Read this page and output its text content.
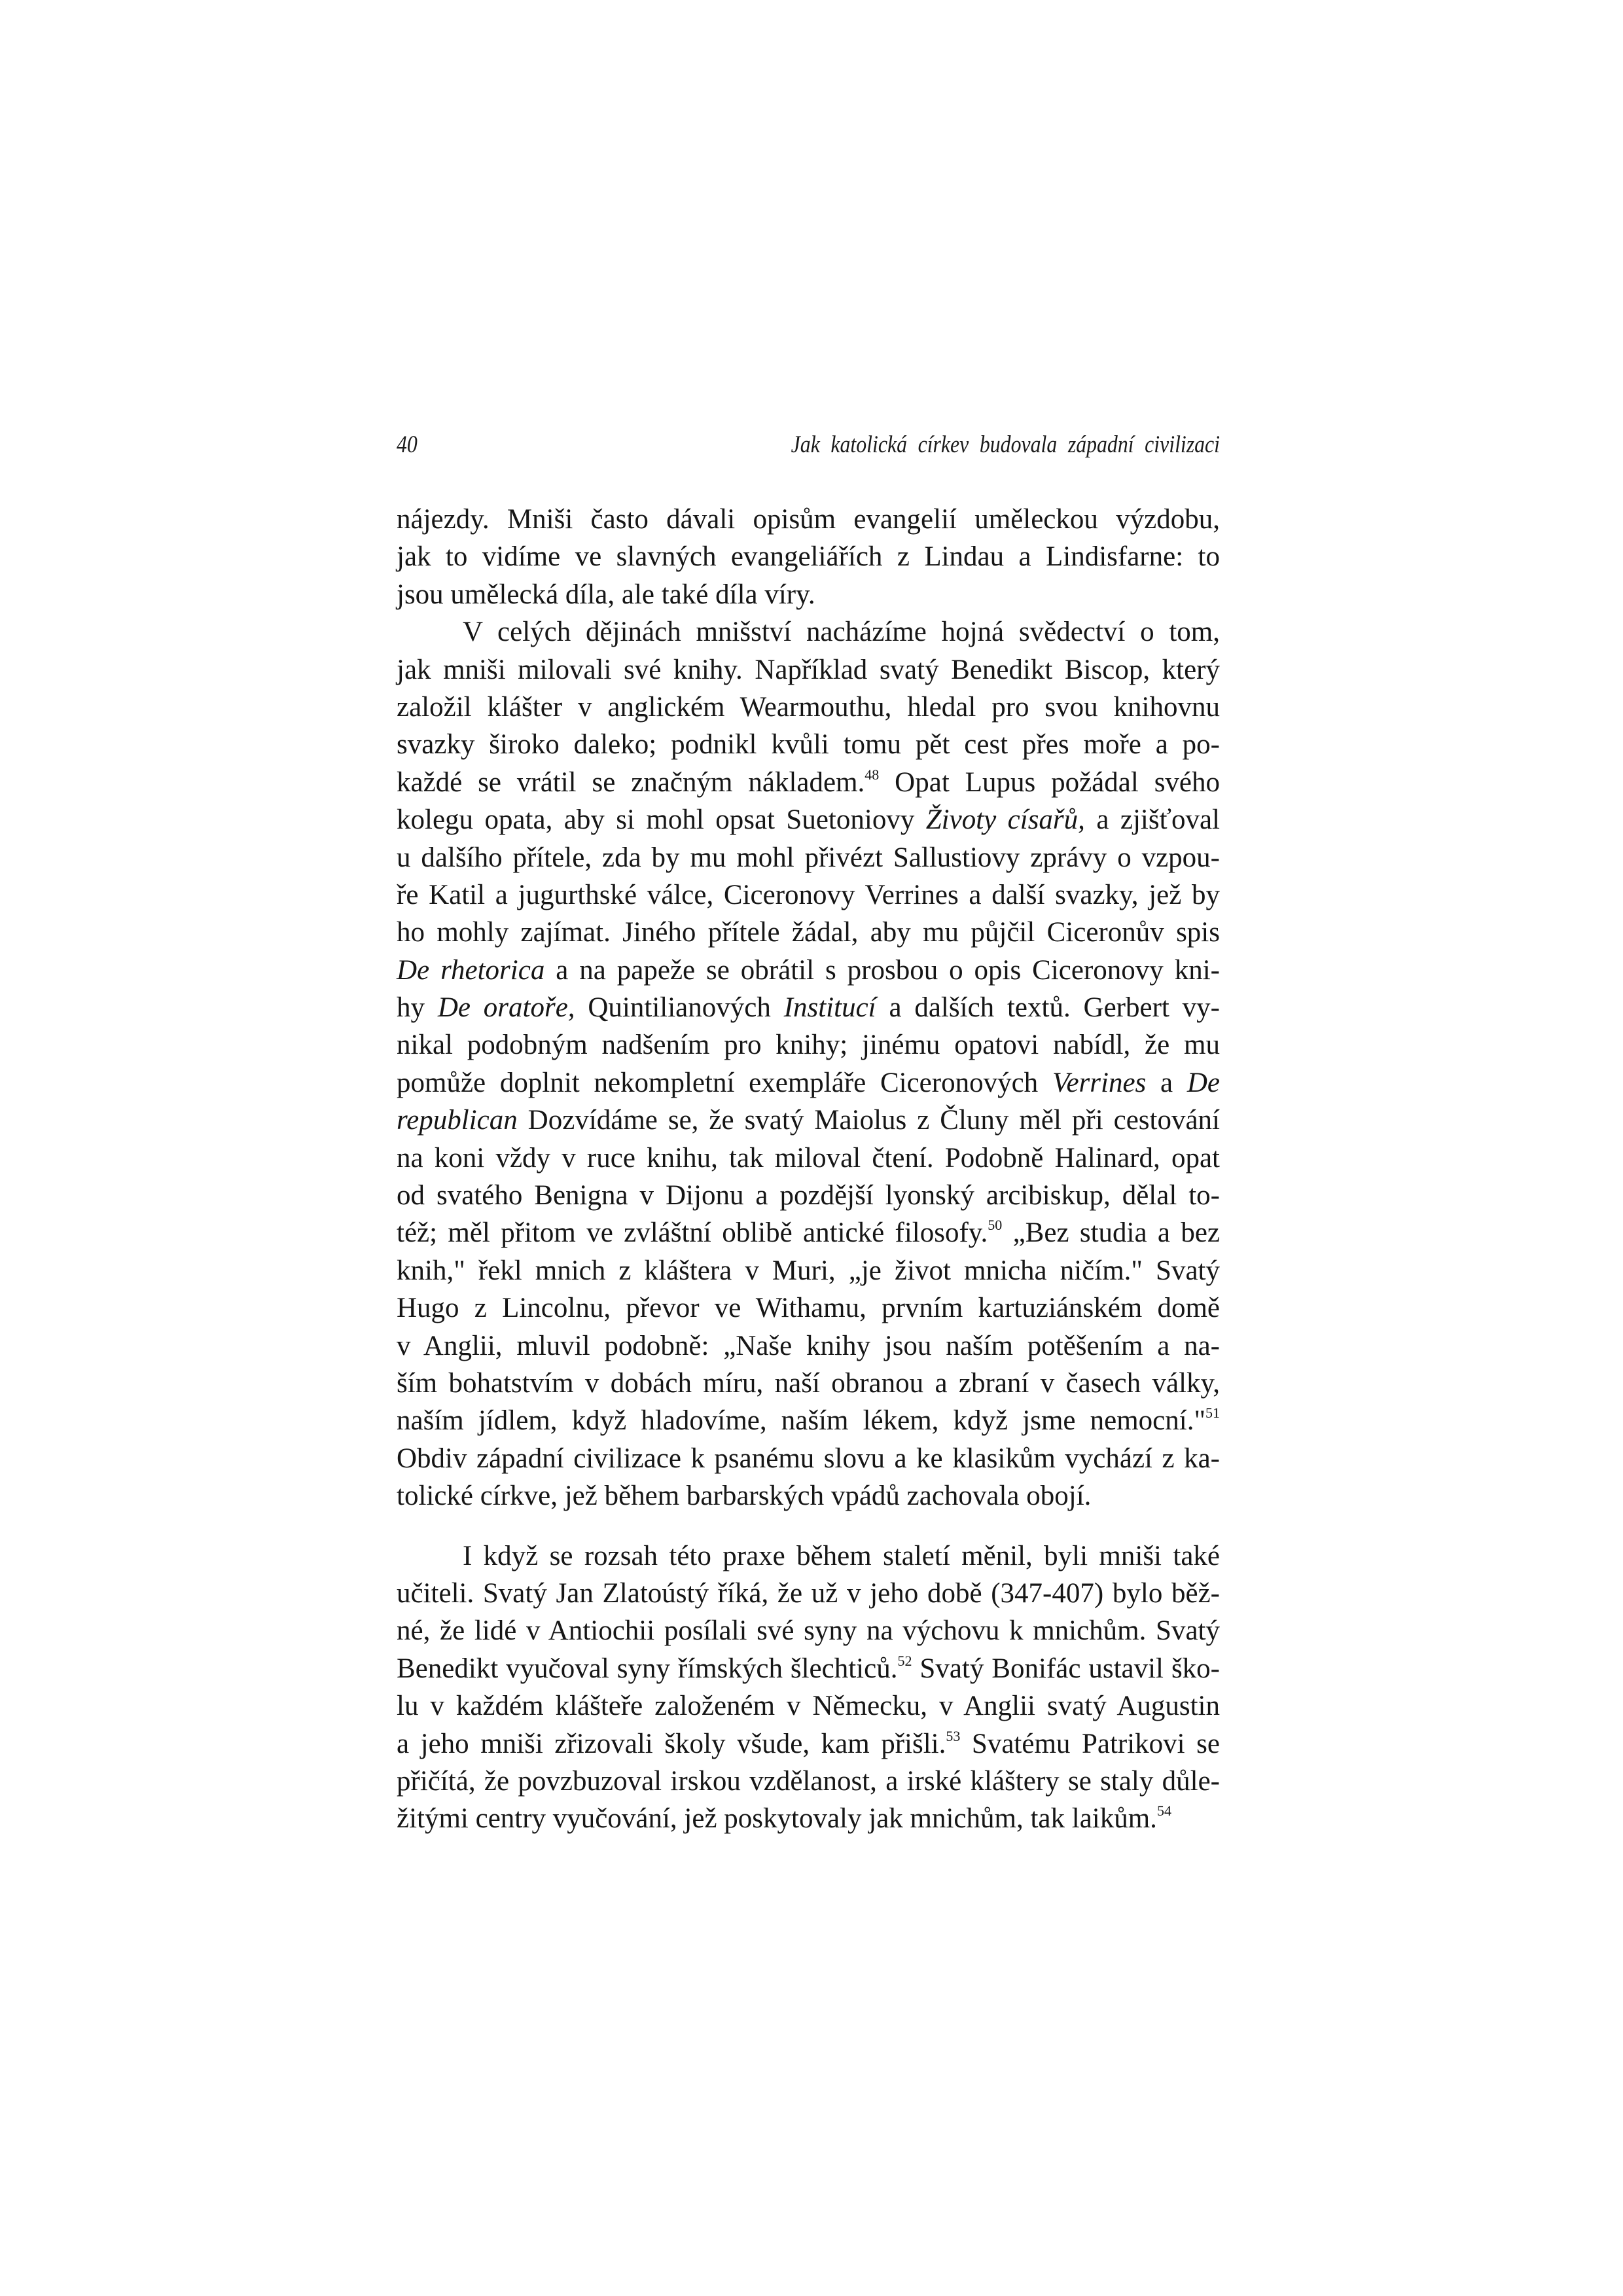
40	Jak katolická církev budovala západní civilizaci

nájezdy. Mniši často dávali opisům evangelií uměleckou výzdobu,
jak to vidíme ve slavných evangeliářích z Lindau a Lindisfarne: to
jsou umělecká díla, ale také díla víry.

V celých dějinách mnišství nacházíme hojná svědectví o tom,
jak mniši milovali své knihy. Například svatý Benedikt Biscop, který
založil klášter v anglickém Wearmouthu, hledal pro svou knihovnu
svazky široko daleko; podnikl kvůli tomu pět cest přes moře a po-
každé se vrátil se značným nákladem.$^{48}$ Opat Lupus požádal svého
kolegu opata, aby si mohl opsat Suetoniovy Životy císařů, a zjišťoval
u dalšího přítele, zda by mu mohl přivézt Sallustiovy zprávy o vzpou-
ře Katil a jugurthské válce, Ciceronovy Verrines a další svazky, jež by
ho mohly zajímat. Jiného přítele žádal, aby mu půjčil Ciceronův spis
De rhetorica a na papeže se obrátil s prosbou o opis Ciceronovy kni-
hy De oratoře, Quintilianových Institucí a dalších textů. Gerbert vy-
nikal podobným nadšením pro knihy; jinému opatovi nabídl, že mu
pomůže doplnit nekompletní exempláře Ciceronových Verrines a De
republican Dozvídáme se, že svatý Maiolus z Čluny měl při cestování
na koni vždy v ruce knihu, tak miloval čtení. Podobně Halinard, opat
od svatého Benigna v Dijonu a pozdější lyonský arcibiskup, dělal to-
též; měl přitom ve zvláštní oblibě antické filosofy.$^{50}$ „Bez studia a bez
knih," řekl mnich z kláštera v Muri, „je život mnicha ničím." Svatý
Hugo z Lincolnu, převor ve Withamu, prvním kartuziánském domě
v Anglii, mluvil podobně: „Naše knihy jsou naším potěšením a na-
ším bohatstvím v dobách míru, naší obranou a zbraní v časech války,
naším jídlem, když hladovíme, naším lékem, když jsme nemocní."$^{51}$
Obdiv západní civilizace k psanému slovu a ke klasikům vychází z ka-
tolické církve, jež během barbarských vpádů zachovala obojí.

I když se rozsah této praxe během staletí měnil, byli mniši také
učiteli. Svatý Jan Zlatoústý říká, že už v jeho době (347-407) bylo běž-
né, že lidé v Antiochii posílali své syny na výchovu k mnichům. Svatý
Benedikt vyučoval syny římských šlechticů.$^{52}$ Svatý Bonifác ustavil ško-
lu v každém klášteře založeném v Německu, v Anglii svatý Augustin
a jeho mniši zřizovali školy všude, kam přišli.$^{53}$ Svatému Patrikovi se
přičítá, že povzbuzoval irskou vzdělanost, a irské kláštery se staly důle-
žitými centry vyučování, jež poskytovaly jak mnichům, tak laikům.$^{54}$
